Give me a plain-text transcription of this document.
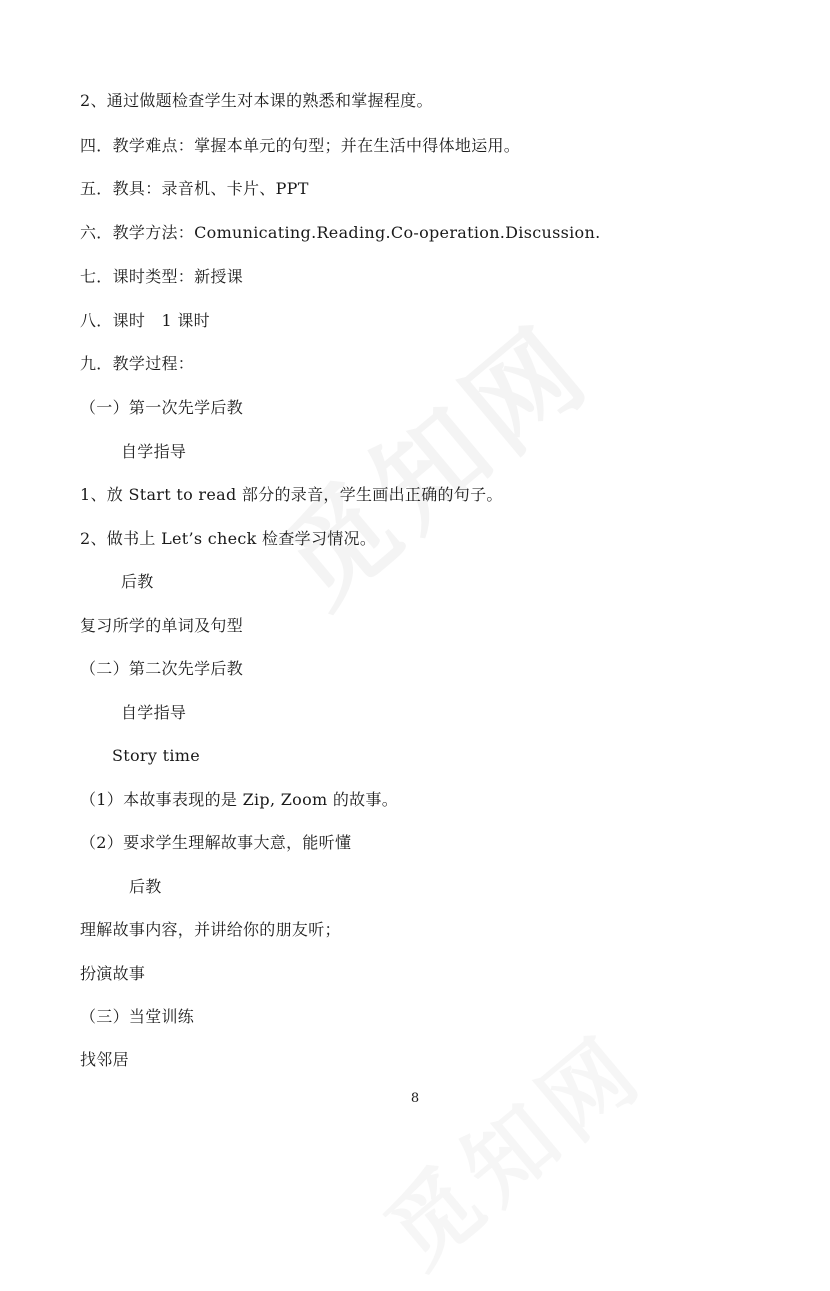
2、通过做题检查学生对本课的熟悉和掌握程度。
四．教学难点：掌握本单元的句型；并在生活中得体地运用。
五．教具：录音机、卡片、PPT
六．教学方法：Comunicating.Reading.Co-operation.Discussion.
七．课时类型：新授课
八．课时　1 课时
九．教学过程：
（一）第一次先学后教
自学指导
1、放 Start to read 部分的录音，学生画出正确的句子。
2、做书上 Let’s check 检查学习情况。
后教
复习所学的单词及句型
（二）第二次先学后教
自学指导
Story time
（1）本故事表现的是 Zip, Zoom 的故事。
（2）要求学生理解故事大意，能听懂
后教
理解故事内容，并讲给你的朋友听；
扮演故事
（三）当堂训练
找邻居
8
